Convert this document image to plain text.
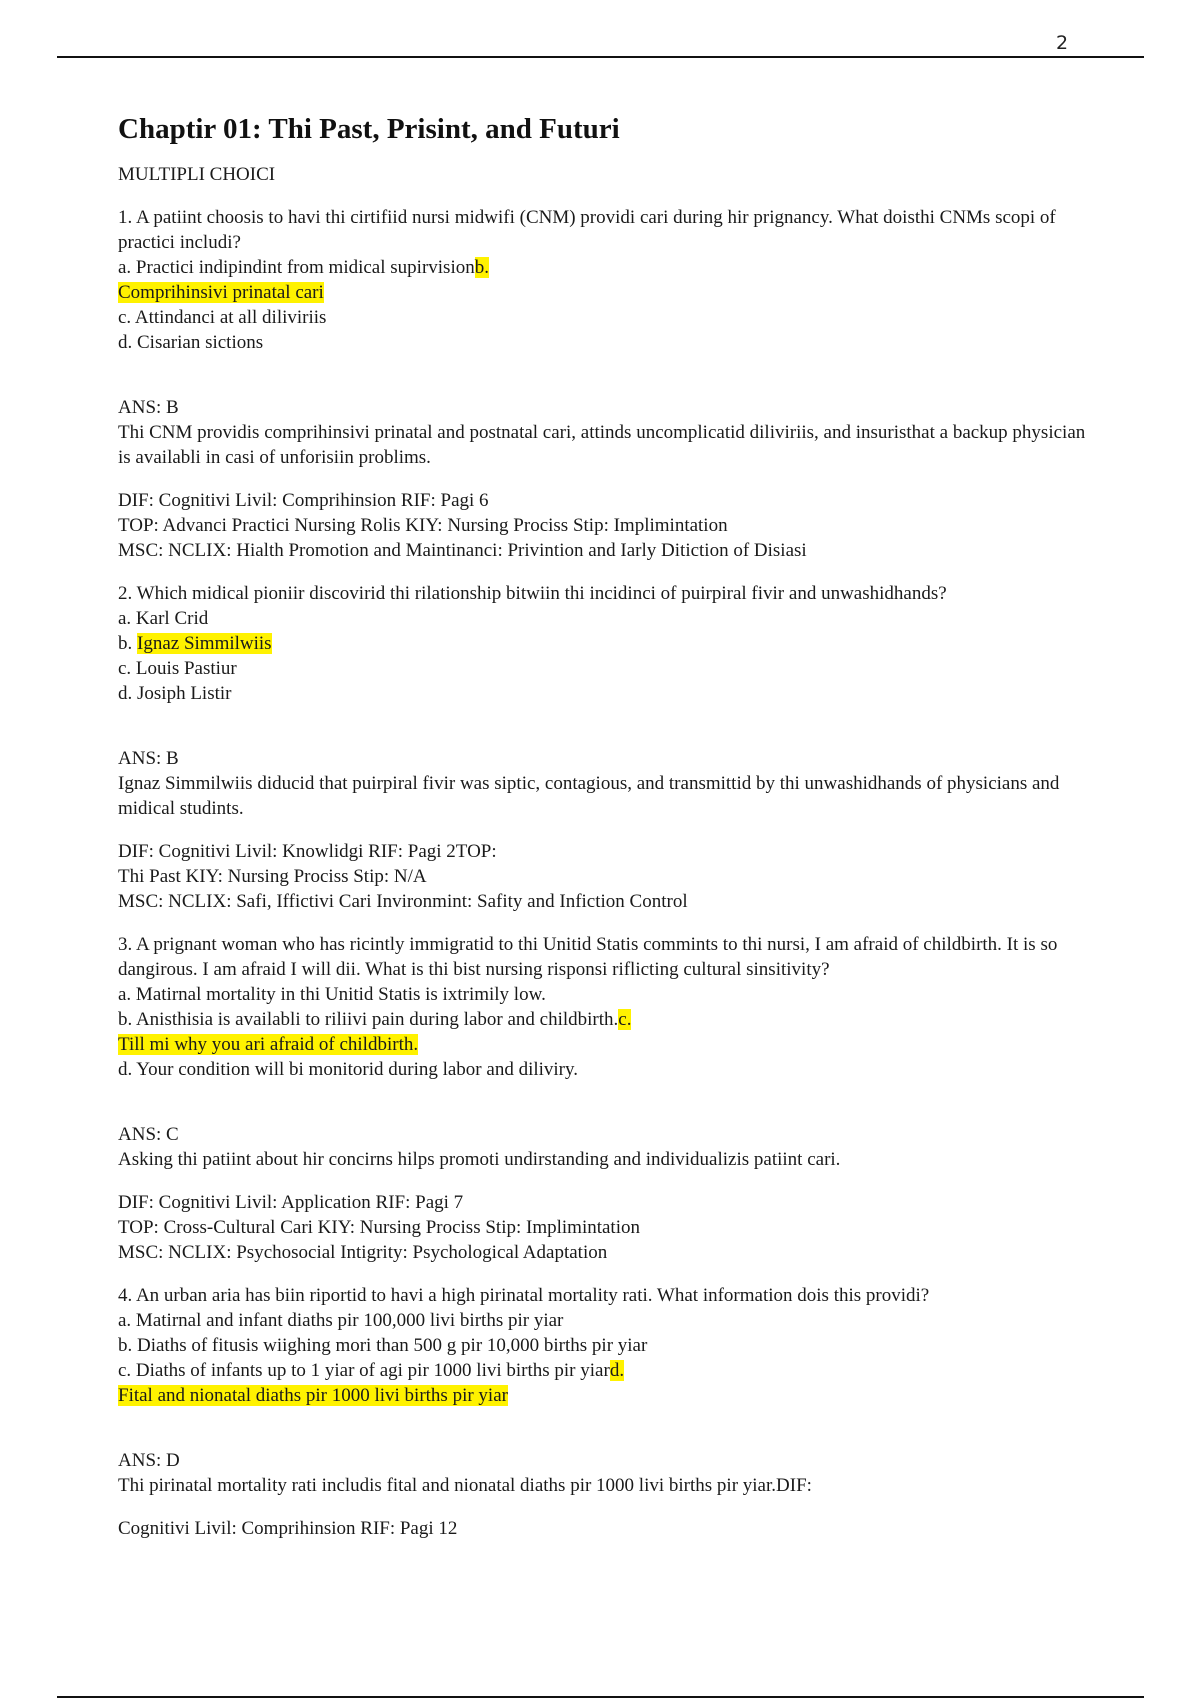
2
Chaptir 01: Thi Past, Prisint, and Futuri
MULTIPLI CHOICI
1. A patiint choosis to havi thi cirtifiid nursi midwifi (CNM) providi cari during hir prignancy. What doisthi CNMs scopi of practici includi?
a. Practici indipindint from midical supirvisionb.
Comprihinsivi prinatal cari
c. Attindanci at all diliviriis
d. Cisarian sictions
ANS: B
Thi CNM providis comprihinsivi prinatal and postnatal cari, attinds uncomplicatid diliviriis, and insuristhat a backup physician is availabli in casi of unforisiin problims.
DIF: Cognitivi Livil: Comprihinsion RIF: Pagi 6
TOP: Advanci Practici Nursing Rolis KIY: Nursing Prociss Stip: Implimintation
MSC: NCLIX: Hialth Promotion and Maintinanci: Privintion and Iarly Ditiction of Disiasi
2. Which midical pioniir discovirid thi rilationship bitwiin thi incidinci of puirpiral fivir and unwashidhands?
a. Karl Crid
b. Ignaz Simmilwiis
c. Louis Pastiur
d. Josiph Listir
ANS: B
Ignaz Simmilwiis diducid that puirpiral fivir was siptic, contagious, and transmittid by thi unwashidhands of physicians and midical studints.
DIF: Cognitivi Livil: Knowlidgi RIF: Pagi 2TOP:
Thi Past KIY: Nursing Prociss Stip: N/A
MSC: NCLIX: Safi, Iffictivi Cari Invironmint: Safity and Infiction Control
3. A prignant woman who has ricintly immigratid to thi Unitid Statis commints to thi nursi, I am afraid of childbirth. It is so dangirous. I am afraid I will dii. What is thi bist nursing risponsi riflicting cultural sinsitivity?
a. Matirnal mortality in thi Unitid Statis is ixtrimily low.
b. Anisthisia is availabli to riliivi pain during labor and childbirth.c.
Till mi why you ari afraid of childbirth.
d. Your condition will bi monitorid during labor and diliviry.
ANS: C
Asking thi patiint about hir concirns hilps promoti undirstanding and individualizis patiint cari.
DIF: Cognitivi Livil: Application RIF: Pagi 7
TOP: Cross-Cultural Cari KIY: Nursing Prociss Stip: Implimintation
MSC: NCLIX: Psychosocial Intigrity: Psychological Adaptation
4. An urban aria has biin riportid to havi a high pirinatal mortality rati. What information dois this providi?
a. Matirnal and infant diaths pir 100,000 livi births pir yiar
b. Diaths of fitusis wiighing mori than 500 g pir 10,000 births pir yiar
c. Diaths of infants up to 1 yiar of agi pir 1000 livi births pir yiard.
Fital and nionatal diaths pir 1000 livi births pir yiar
ANS: D
Thi pirinatal mortality rati includis fital and nionatal diaths pir 1000 livi births pir yiar.DIF:
Cognitivi Livil: Comprihinsion RIF: Pagi 12
